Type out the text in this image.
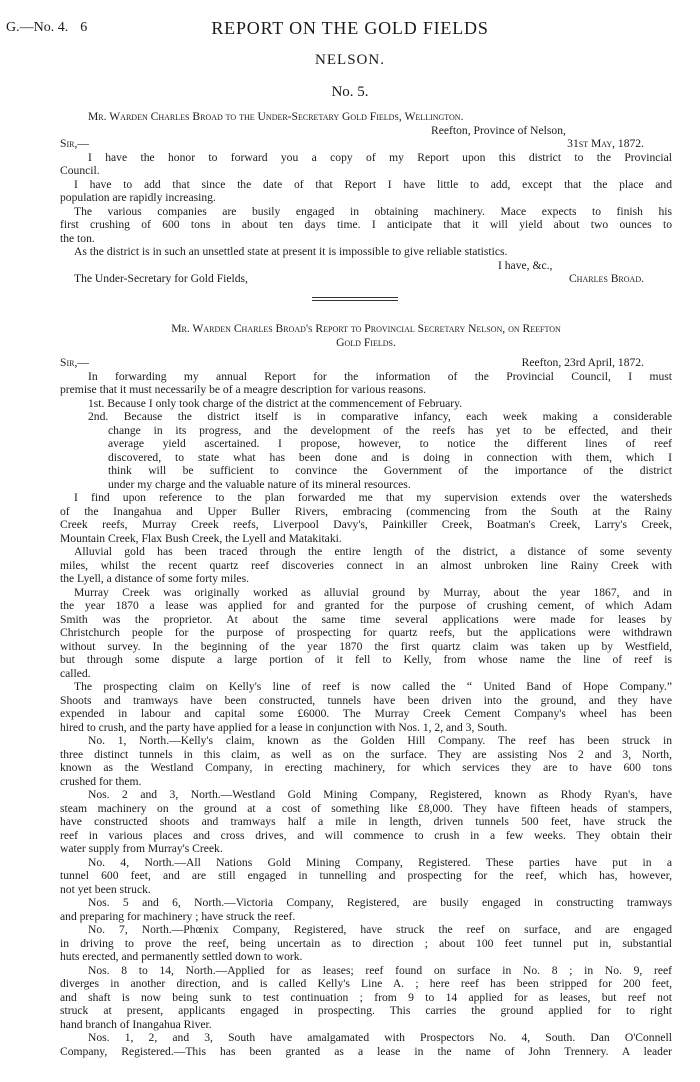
G.—No. 4. 6	REPORT ON THE GOLD FIELDS
NELSON.
No. 5.
Mr. Warden Charles Broad to the Under-Secretary Gold Fields, Wellington.
Reefton, Province of Nelson,
Sir,—	31st May, 1872.
I have the honor to forward you a copy of my Report upon this district to the Provincial
Council.
I have to add that since the date of that Report I have little to add, except that the place and
population are rapidly increasing.
The various companies are busily engaged in obtaining machinery. Mace expects to finish his
first crushing of 600 tons in about ten days time. I anticipate that it will yield about two ounces to
the ton.
As the district is in such an unsettled state at present it is impossible to give reliable statistics.
I have, &c.,
The Under-Secretary for Gold Fields,	Charles Broad.
Mr. Warden Charles Broad's Report to Provincial Secretary Nelson, on Reefton
Gold Fields.
Sir,—	Reefton, 23rd April, 1872.
In forwarding my annual Report for the information of the Provincial Council, I must
premise that it must necessarily be of a meagre description for various reasons.
1st. Because I only took charge of the district at the commencement of February.
2nd. Because the district itself is in comparative infancy, each week making a considerable
change in its progress, and the development of the reefs has yet to be effected, and their
average yield ascertained. I propose, however, to notice the different lines of reef
discovered, to state what has been done and is doing in connection with them, which I
think will be sufficient to convince the Government of the importance of the district
under my charge and the valuable nature of its mineral resources.
I find upon reference to the plan forwarded me that my supervision extends over the watersheds
of the Inangahua and Upper Buller Rivers, embracing (commencing from the South at the Rainy
Creek reefs, Murray Creek reefs, Liverpool Davy's, Painkiller Creek, Boatman's Creek, Larry's Creek,
Mountain Creek, Flax Bush Creek, the Lyell and Matakitaki.
Alluvial gold has been traced through the entire length of the district, a distance of some seventy
miles, whilst the recent quartz reef discoveries connect in an almost unbroken line Rainy Creek with
the Lyell, a distance of some forty miles.
Murray Creek was originally worked as alluvial ground by Murray, about the year 1867, and in
the year 1870 a lease was applied for and granted for the purpose of crushing cement, of which Adam
Smith was the proprietor. At about the same time several applications were made for leases by
Christchurch people for the purpose of prospecting for quartz reefs, but the applications were withdrawn
without survey. In the beginning of the year 1870 the first quartz claim was taken up by Westfield,
but through some dispute a large portion of it fell to Kelly, from whose name the line of reef is
called.
The prospecting claim on Kelly's line of reef is now called the “ United Band of Hope Company.”
Shoots and tramways have been constructed, tunnels have been driven into the ground, and they have
expended in labour and capital some £6000. The Murray Creek Cement Company's wheel has been
hired to crush, and the party have applied for a lease in conjunction with Nos. 1, 2, and 3, South.
No. 1, North.—Kelly's claim, known as the Golden Hill Company. The reef has been struck in
three distinct tunnels in this claim, as well as on the surface. They are assisting Nos 2 and 3, North,
known as the Westland Company, in erecting machinery, for which services they are to have 600 tons
crushed for them.
Nos. 2 and 3, North.—Westland Gold Mining Company, Registered, known as Rhody Ryan's, have
steam machinery on the ground at a cost of something like £8,000. They have fifteen heads of stampers,
have constructed shoots and tramways half a mile in length, driven tunnels 500 feet, have struck the
reef in various places and cross drives, and will commence to crush in a few weeks. They obtain their
water supply from Murray's Creek.
No. 4, North.—All Nations Gold Mining Company, Registered. These parties have put in a
tunnel 600 feet, and are still engaged in tunnelling and prospecting for the reef, which has, however,
not yet been struck.
Nos. 5 and 6, North.—Victoria Company, Registered, are busily engaged in constructing tramways
and preparing for machinery ; have struck the reef.
No. 7, North.—Phœnix Company, Registered, have struck the reef on surface, and are engaged
in driving to prove the reef, being uncertain as to direction ; about 100 feet tunnel put in, substantial
huts erected, and permanently settled down to work.
Nos. 8 to 14, North.—Applied for as leases; reef found on surface in No. 8 ; in No. 9, reef
diverges in another direction, and is called Kelly's Line A. ; here reef has been stripped for 200 feet,
and shaft is now being sunk to test continuation ; from 9 to 14 applied for as leases, but reef not
struck at present, applicants engaged in prospecting. This carries the ground applied for to right
hand branch of Inangahua River.
Nos. 1, 2, and 3, South have amalgamated with Prospectors No. 4, South. Dan O'Connell
Company, Registered.—This has been granted as a lease in the name of John Trennery. A leader
